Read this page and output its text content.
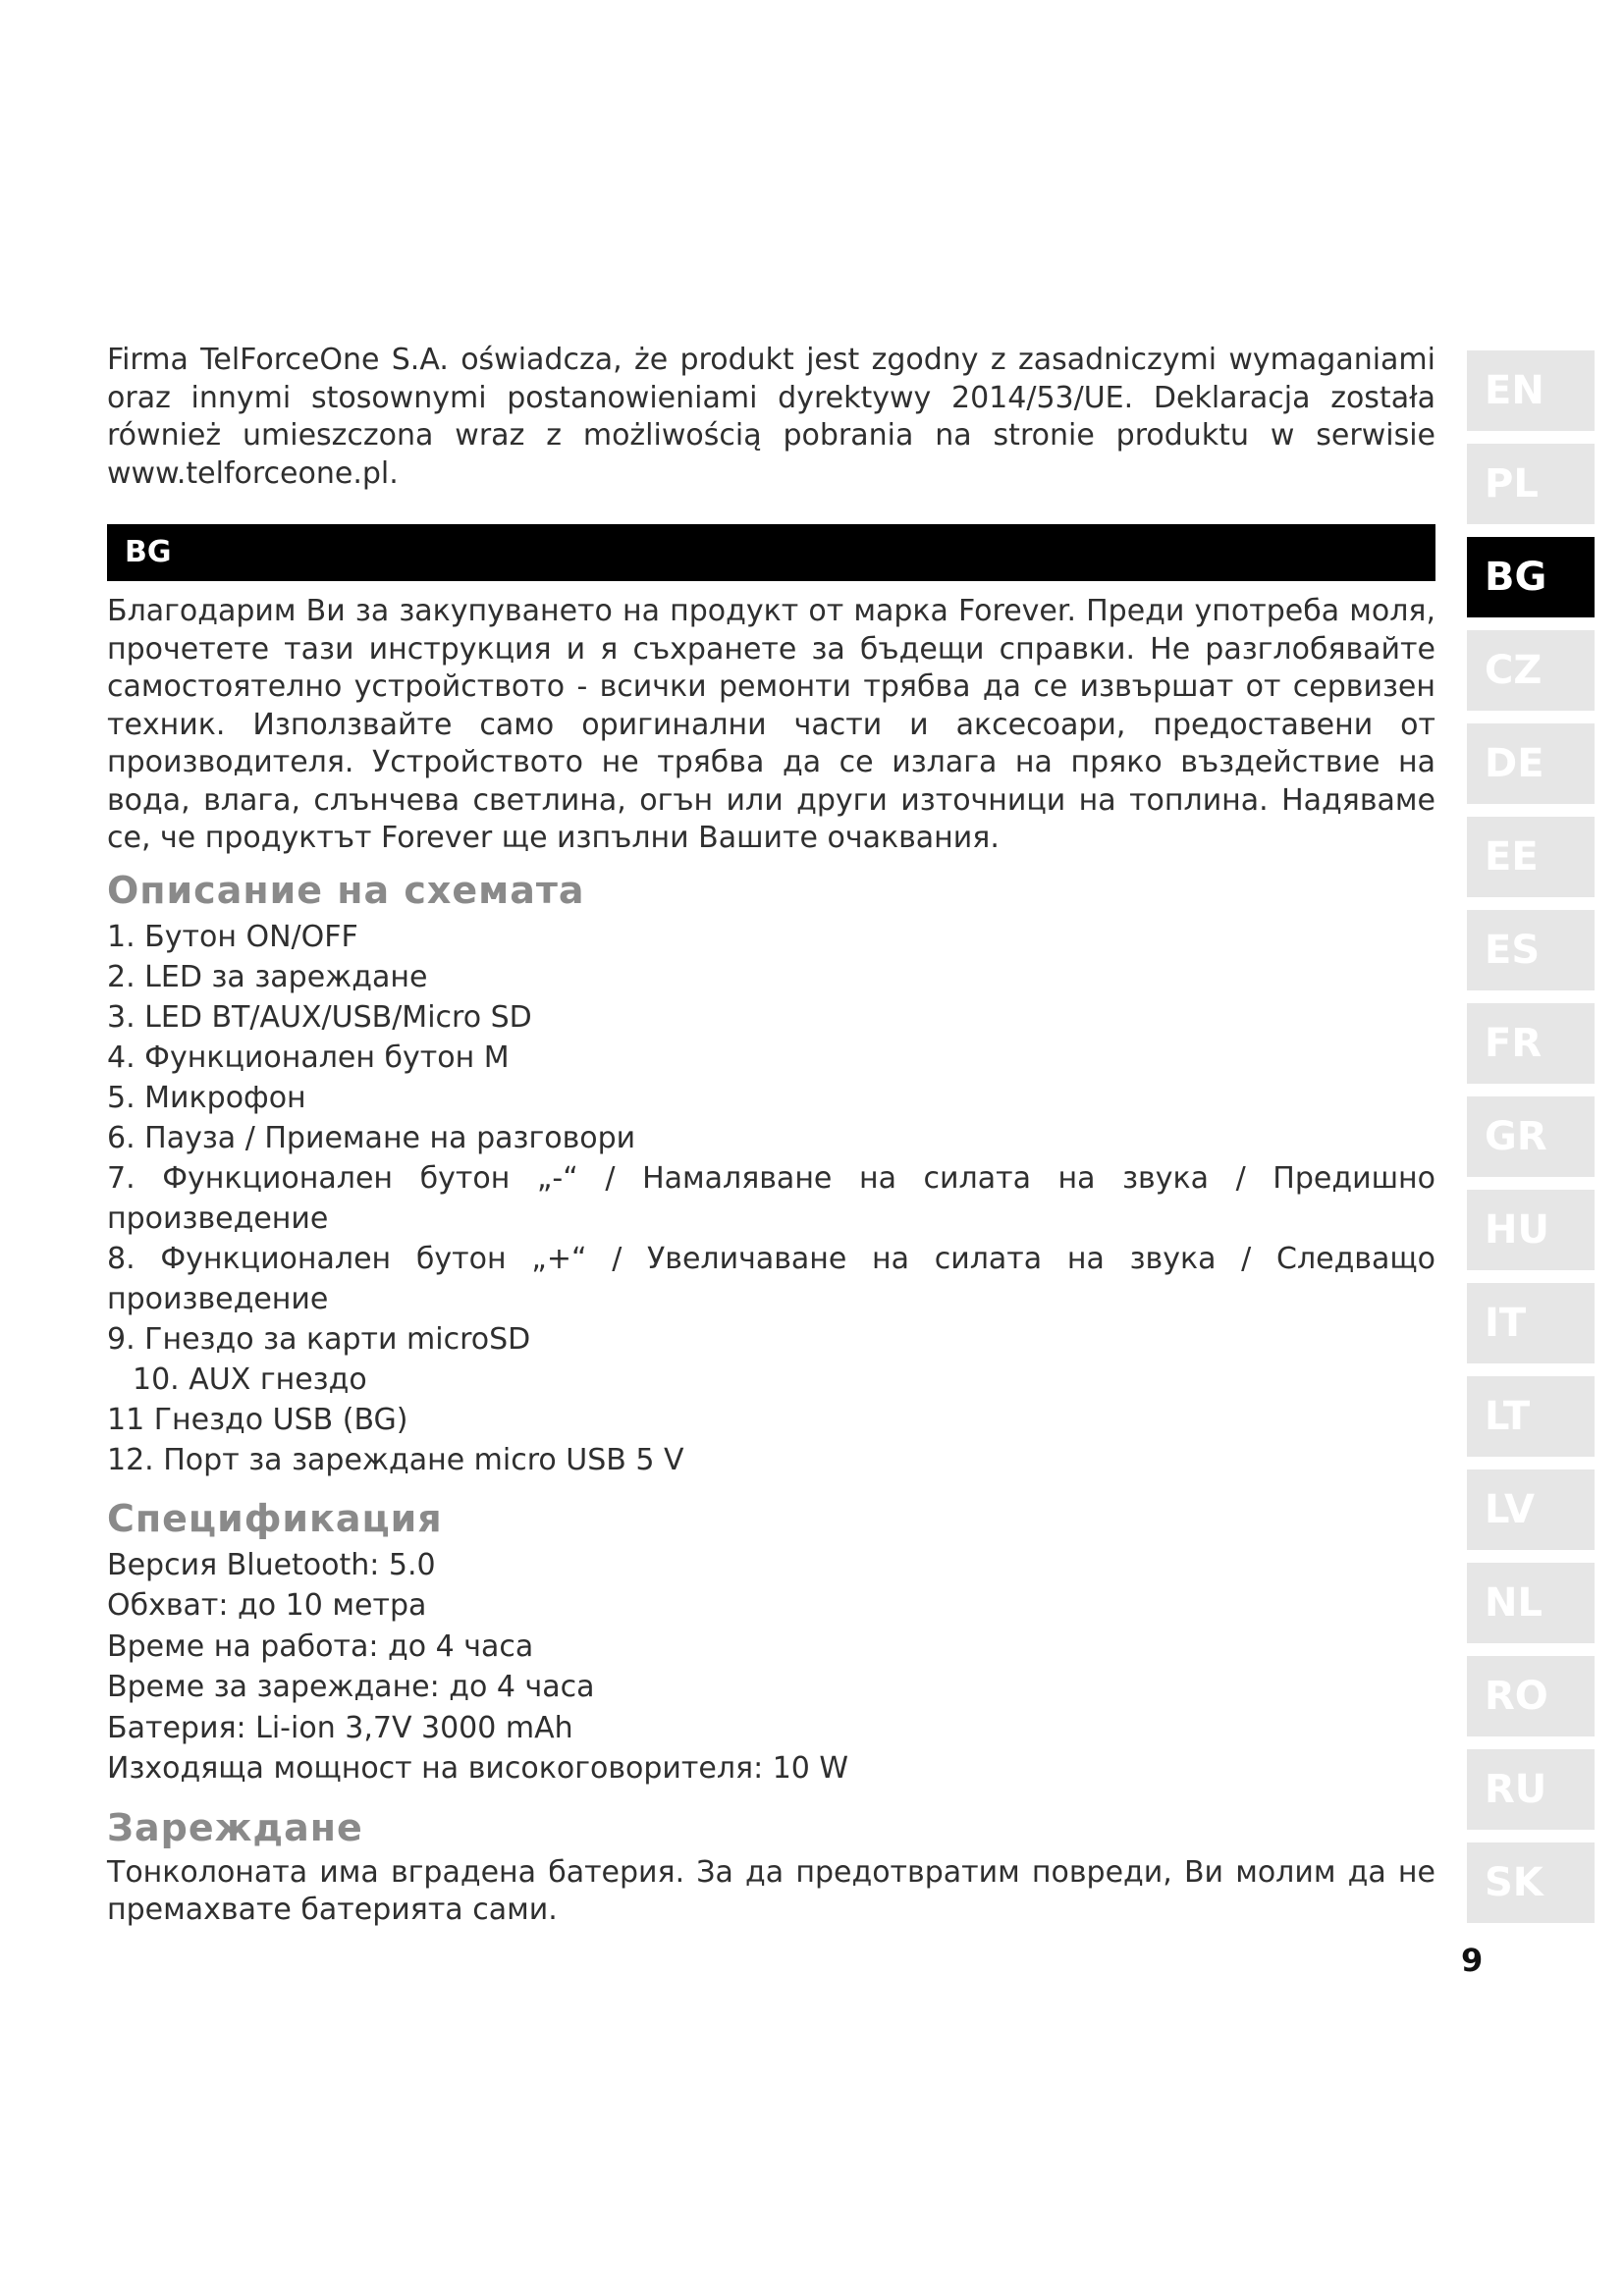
Firma TelForceOne S.A. oświadcza, że produkt jest zgodny z zasadniczymi wymaganiami oraz innymi stosownymi postanowieniami dyrektywy 2014/53/UE. Deklaracja została również umieszczona wraz z możliwością pobrania na stronie produktu w serwisie www.telforceone.pl.

BG

Благодарим Ви за закупуването на продукт от марка Forever. Преди употреба моля, прочетете тази инструкция и я съхранете за бъдещи справки. Не разглобявайте самостоятелно устройството - всички ремонти трябва да се извършат от сервизен техник. Използвайте само оригинални части и аксесоари, предоставени от производителя. Устройството не трябва да се излага на пряко въздействие на вода, влага, слънчева светлина, огън или други източници на топлина. Надяваме се, че продуктът Forever ще изпълни Вашите очаквания.

Описание на схемата

1. Бутон ON/OFF

2. LED за зареждане

3. LED BT/AUX/USB/Micro SD

4. Функционален бутон M

5. Микрофон

6. Пауза / Приемане на разговори

7. Функционален бутон „-“ / Намаляване на силата на звука / Предишно

произведение

8. Функционален бутон „+“ / Увеличаване на силата на звука / Следващо

произведение

9. Гнездо за карти microSD

10. AUX гнездо

11 Гнездо USB (BG)

12. Порт за зареждане micro USB 5 V

Спецификация

Версия Bluetooth: 5.0

Обхват: до 10 метра

Време на работа: до 4 часа

Време за зареждане: до 4 часа

Батерия: Li-ion 3,7V 3000 mAh

Изходяща мощност на високоговорителя: 10 W

Зареждане

Тонколоната има вградена батерия. За да предотвратим повреди, Ви молим да не премахвате батерията сами.

EN
PL
BG
CZ
DE
EE
ES
FR
GR
HU
IT
LT
LV
NL
RO
RU
SK
9
